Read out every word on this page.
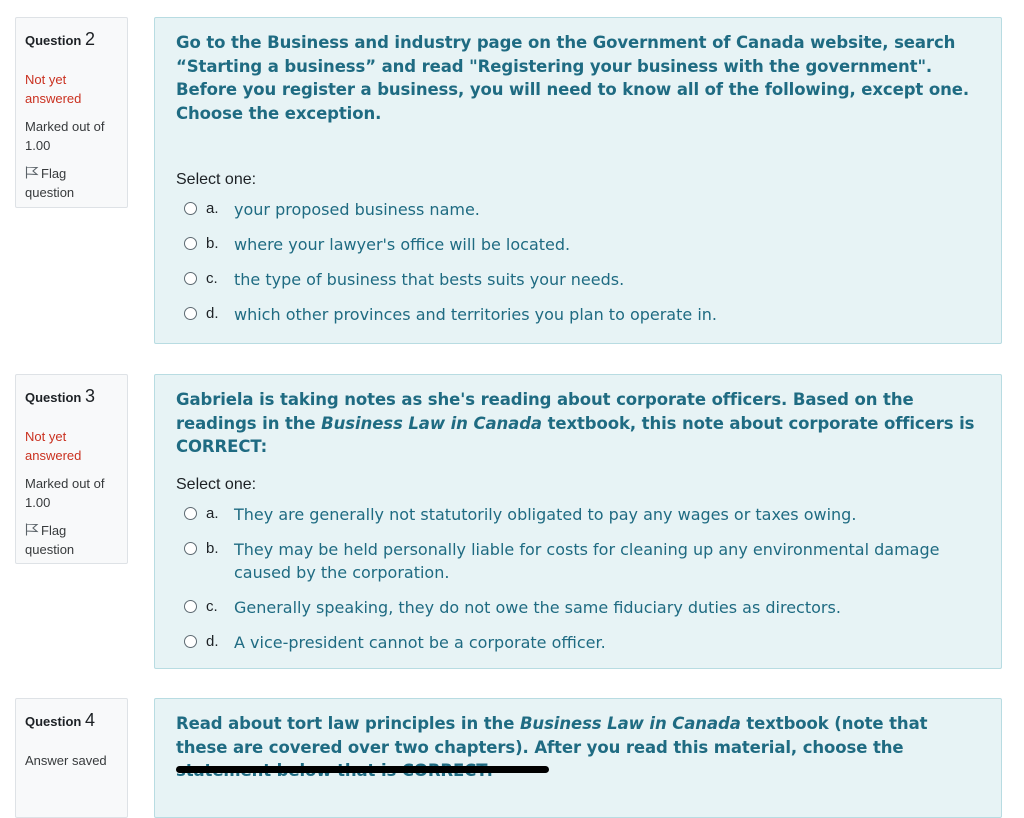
Question 2
Not yet answered
Marked out of 1.00
Flag question
Go to the Business and industry page on the Government of Canada website, search “Starting a business” and read "Registering your business with the government". Before you register a business, you will need to know all of the following, except one. Choose the exception.
Select one:
a. your proposed business name.
b. where your lawyer's office will be located.
c.	the type of business that bests suits your needs.
d. which other provinces and territories you plan to operate in.
Question 3
Not yet answered
Marked out of 1.00
Flag question
Gabriela is taking notes as she's reading about corporate officers. Based on the readings in the Business Law in Canada textbook, this note about corporate officers is CORRECT:
Select one:
a. They are generally not statutorily obligated to pay any wages or taxes owing.
b. They may be held personally liable for costs for cleaning up any environmental damage caused by the corporation.
c.	Generally speaking, they do not owe the same fiduciary duties as directors.
d. A vice-president cannot be a corporate officer.
Question 4
Answer saved
Read about tort law principles in the Business Law in Canada textbook (note that these are covered over two chapters). After you read this material, choose the
